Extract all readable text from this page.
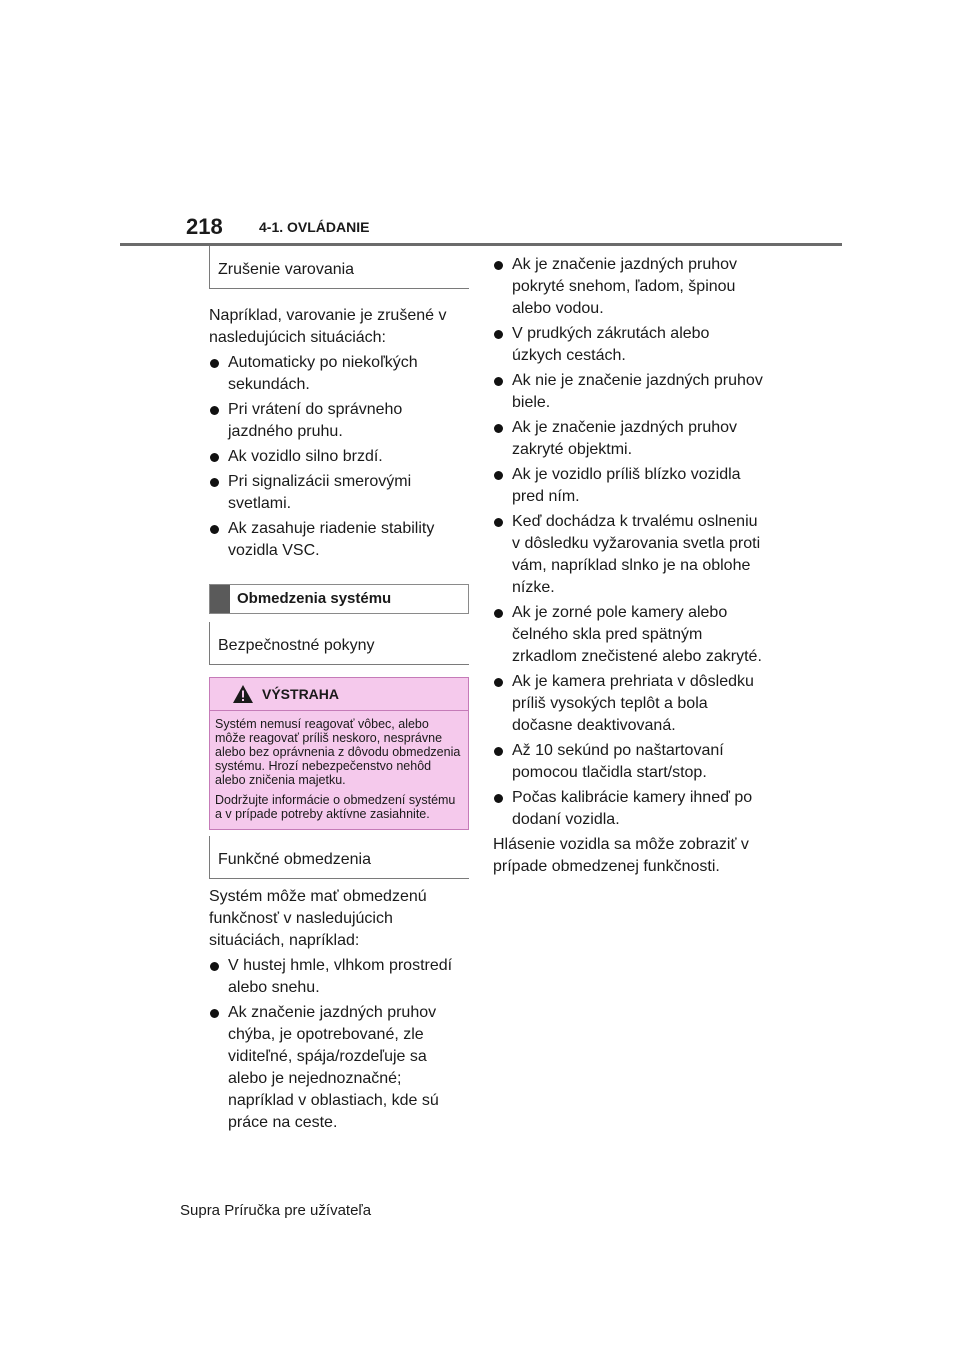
218	4-1. OVLÁDANIE
Zrušenie varovania

Napríklad, varovanie je zrušené v nasledujúcich situáciách:

Automaticky po niekoľkých sekundách.
Pri vrátení do správneho jazdného pruhu.
Ak vozidlo silno brzdí.
Pri signalizácii smerovými svetlami.
Ak zasahuje riadenie stability vozidla VSC.
Obmedzenia systému
Bezpečnostné pokyny
VÝSTRAHA

Systém nemusí reagovať vôbec, alebo môže reagovať príliš neskoro, nesprávne alebo bez oprávnenia z dôvodu obmedzenia systému. Hrozí nebezpečenstvo nehôd alebo zničenia majetku.

Dodržujte informácie o obmedzení systému a v prípade potreby aktívne zasiahnite.

Funkčné obmedzenia

Systém môže mať obmedzenú funkčnosť v nasledujúcich situáciách, napríklad:

V hustej hmle, vlhkom prostredí alebo snehu.
Ak značenie jazdných pruhov chýba, je opotrebované, zle viditeľné, spája/rozdeľuje sa alebo je nejednoznačné; napríklad v oblastiach, kde sú práce na ceste.
Ak je značenie jazdných pruhov pokryté snehom, ľadom, špinou alebo vodou.
V prudkých zákrutách alebo úzkych cestách.
Ak nie je značenie jazdných pruhov biele.
Ak je značenie jazdných pruhov zakryté objektmi.
Ak je vozidlo príliš blízko vozidla pred ním.
Keď dochádza k trvalému oslneniu v dôsledku vyžarovania svetla proti vám, napríklad slnko je na oblohe nízke.
Ak je zorné pole kamery alebo čelného skla pred spätným zrkadlom znečistené alebo zakryté.
Ak je kamera prehriata v dôsledku príliš vysokých teplôt a bola dočasne deaktivovaná.
Až 10 sekúnd po naštartovaní pomocou tlačidla start/stop.
Počas kalibrácie kamery ihneď po dodaní vozidla.

Hlásenie vozidla sa môže zobraziť v prípade obmedzenej funkčnosti.

Supra Príručka pre užívateľa
